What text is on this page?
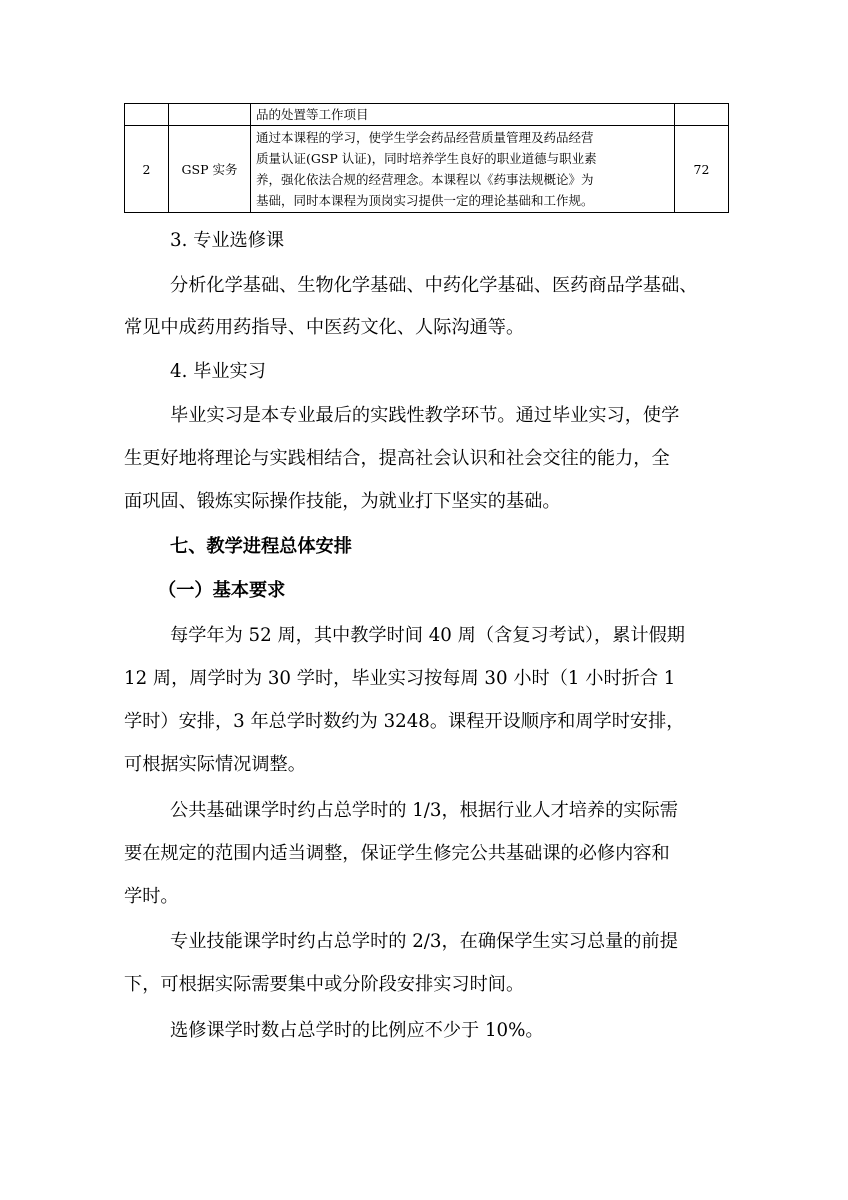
		品的处置等工作项目	
2	GSP 实务	通过本课程的学习，使学生学会药品经营质量管理及药品经营
质量认证(GSP 认证)，同时培养学生良好的职业道德与职业素
养，强化依法合规的经营理念。本课程以《药事法规概论》为
基础，同时本课程为顶岗实习提供一定的理论基础和工作规。	72
3. 专业选修课
分析化学基础、生物化学基础、中药化学基础、医药商品学基础、
常见中成药用药指导、中医药文化、人际沟通等。
4. 毕业实习
毕业实习是本专业最后的实践性教学环节。通过毕业实习，使学
生更好地将理论与实践相结合，提高社会认识和社会交往的能力，全
面巩固、锻炼实际操作技能，为就业打下坚实的基础。
七、教学进程总体安排
（一）基本要求
每学年为 52 周，其中教学时间 40 周（含复习考试），累计假期
12 周，周学时为 30 学时，毕业实习按每周 30 小时（1 小时折合 1
学时）安排，3 年总学时数约为 3248。课程开设顺序和周学时安排，
可根据实际情况调整。
公共基础课学时约占总学时的 1/3，根据行业人才培养的实际需
要在规定的范围内适当调整，保证学生修完公共基础课的必修内容和
学时。
专业技能课学时约占总学时的 2/3，在确保学生实习总量的前提
下，可根据实际需要集中或分阶段安排实习时间。
选修课学时数占总学时的比例应不少于 10%。
